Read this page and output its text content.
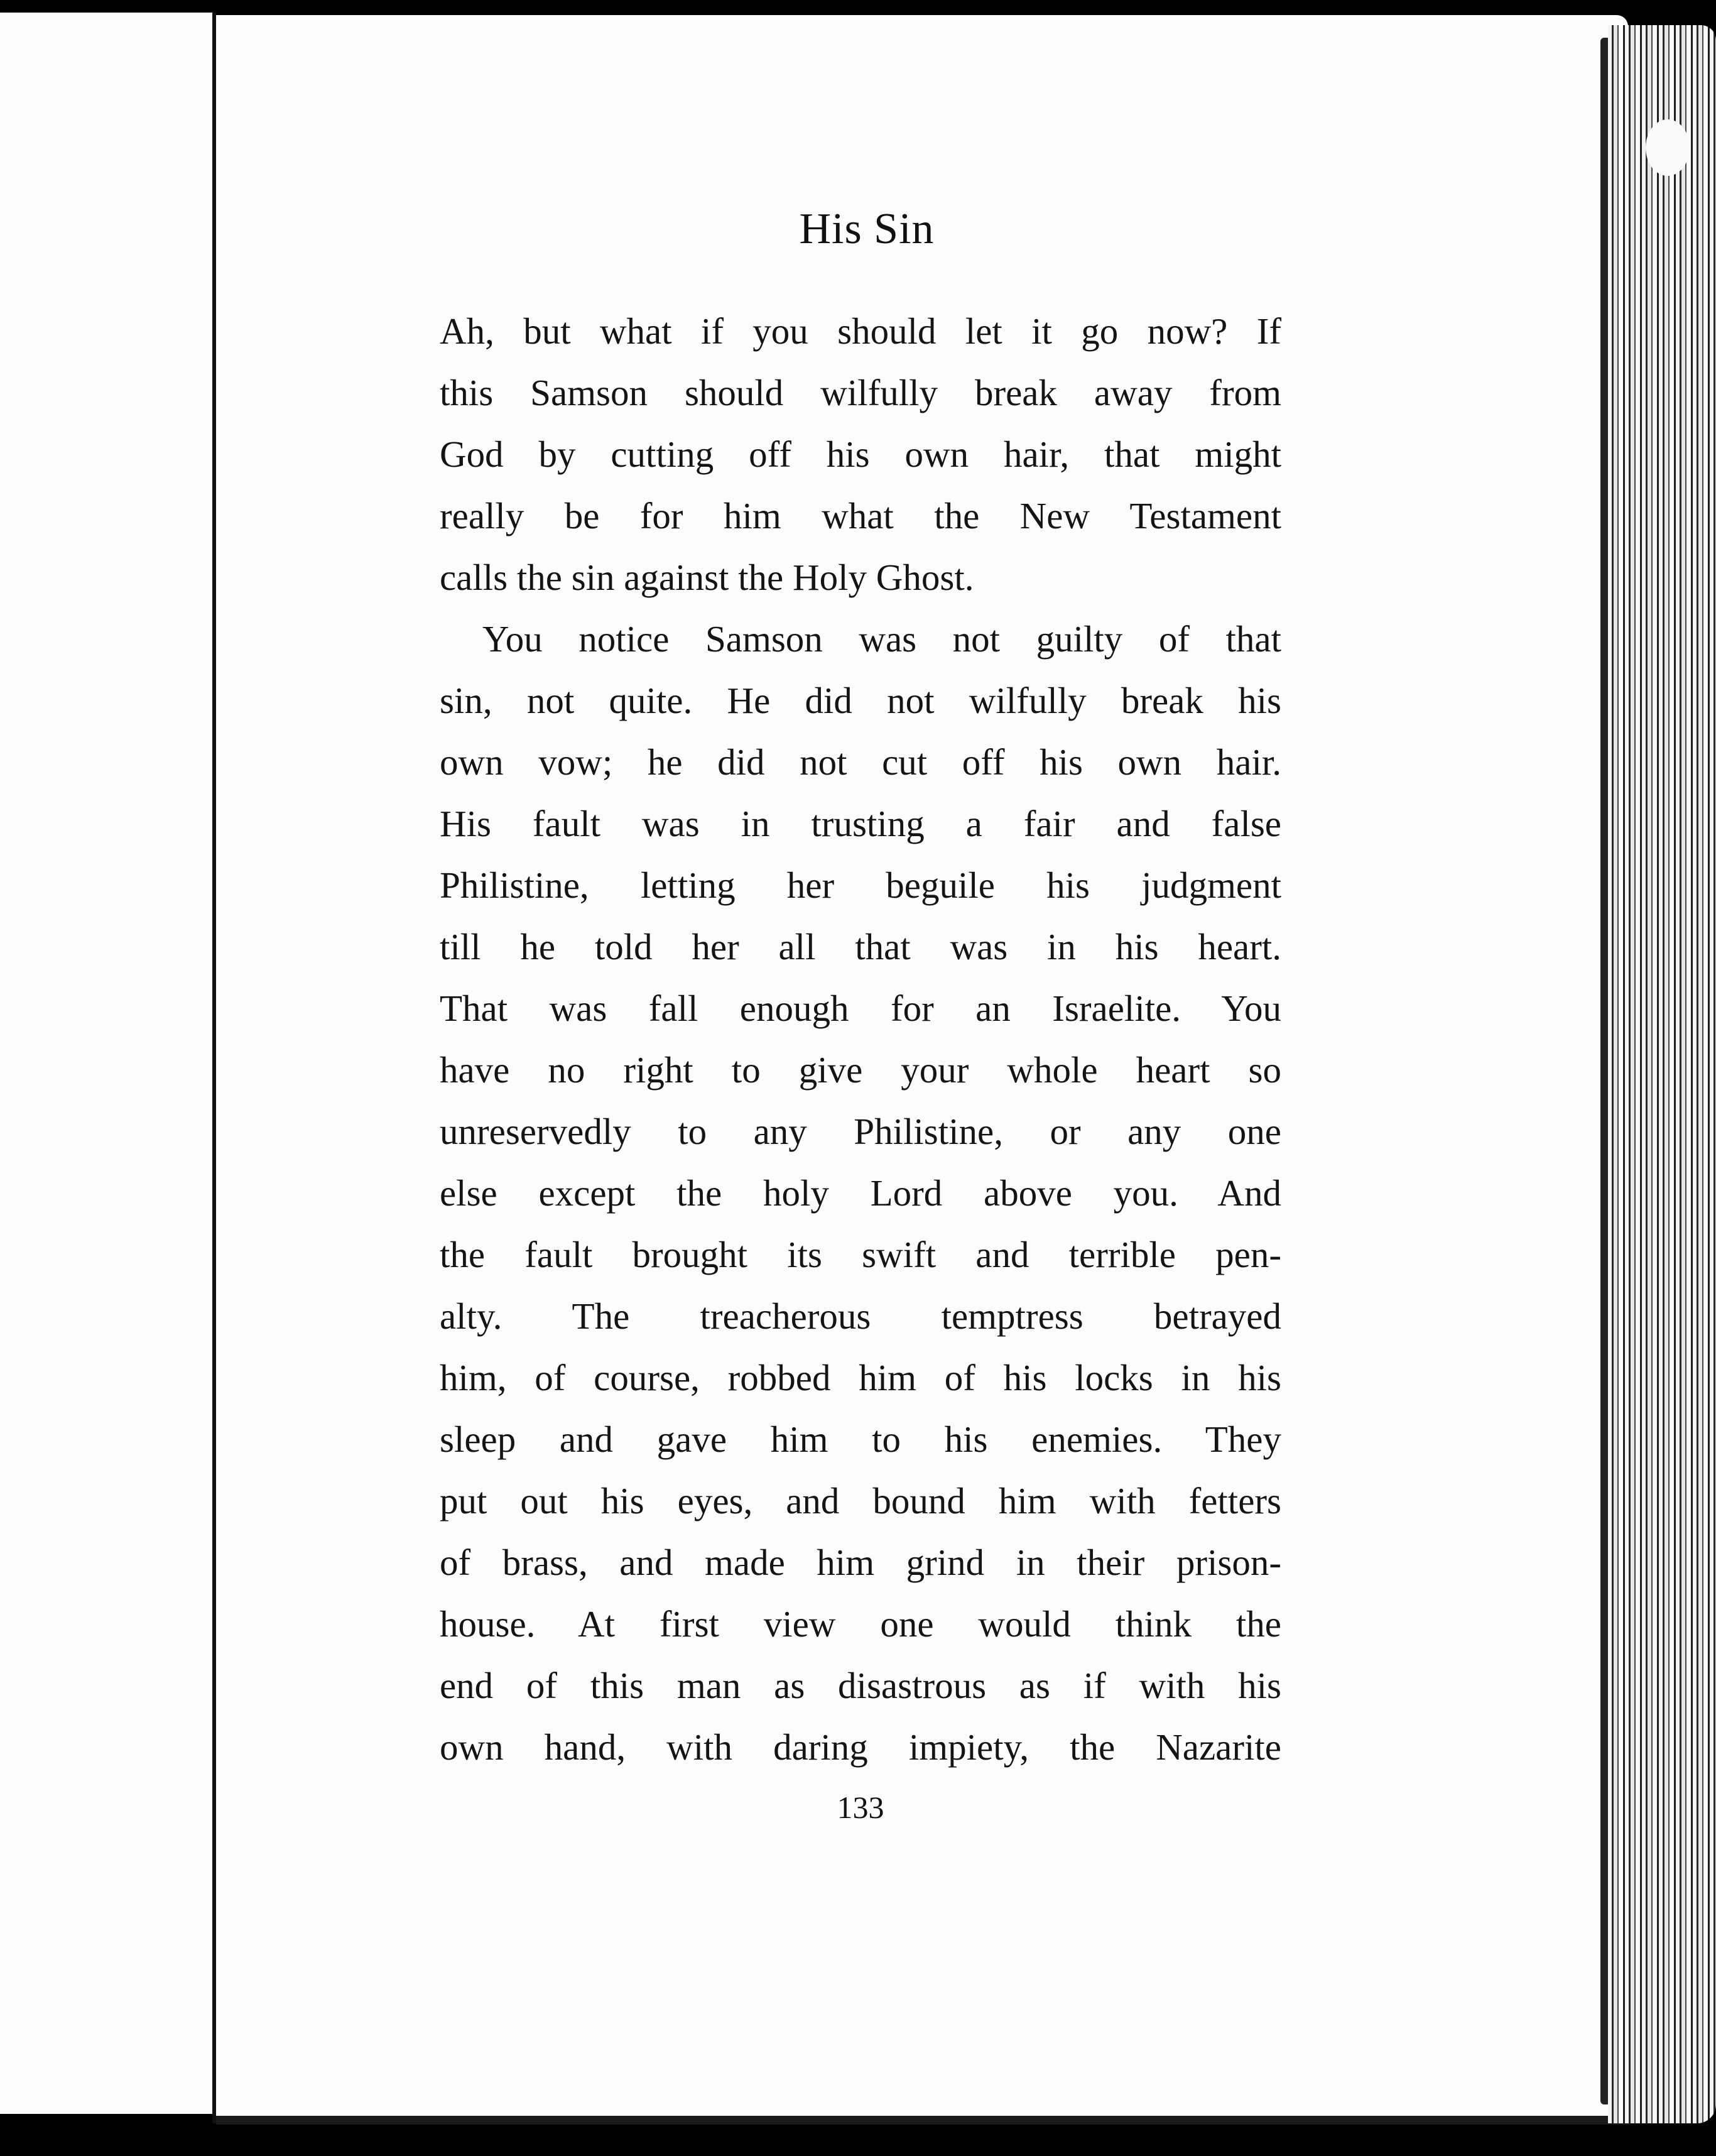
His Sin
Ah, but what if you should let it go now? If
this Samson should wilfully break away from
God by cutting off his own hair, that might
really be for him what the New Testament
calls the sin against the Holy Ghost.
You notice Samson was not guilty of that
sin, not quite. He did not wilfully break his
own vow; he did not cut off his own hair.
His fault was in trusting a fair and false
Philistine, letting her beguile his judgment
till he told her all that was in his heart.
That was fall enough for an Israelite. You
have no right to give your whole heart so
unreservedly to any Philistine, or any one
else except the holy Lord above you. And
the fault brought its swift and terrible pen-
alty. The treacherous temptress betrayed
him, of course, robbed him of his locks in his
sleep and gave him to his enemies. They
put out his eyes, and bound him with fetters
of brass, and made him grind in their prison-
house. At first view one would think the
end of this man as disastrous as if with his
own hand, with daring impiety, the Nazarite
133
